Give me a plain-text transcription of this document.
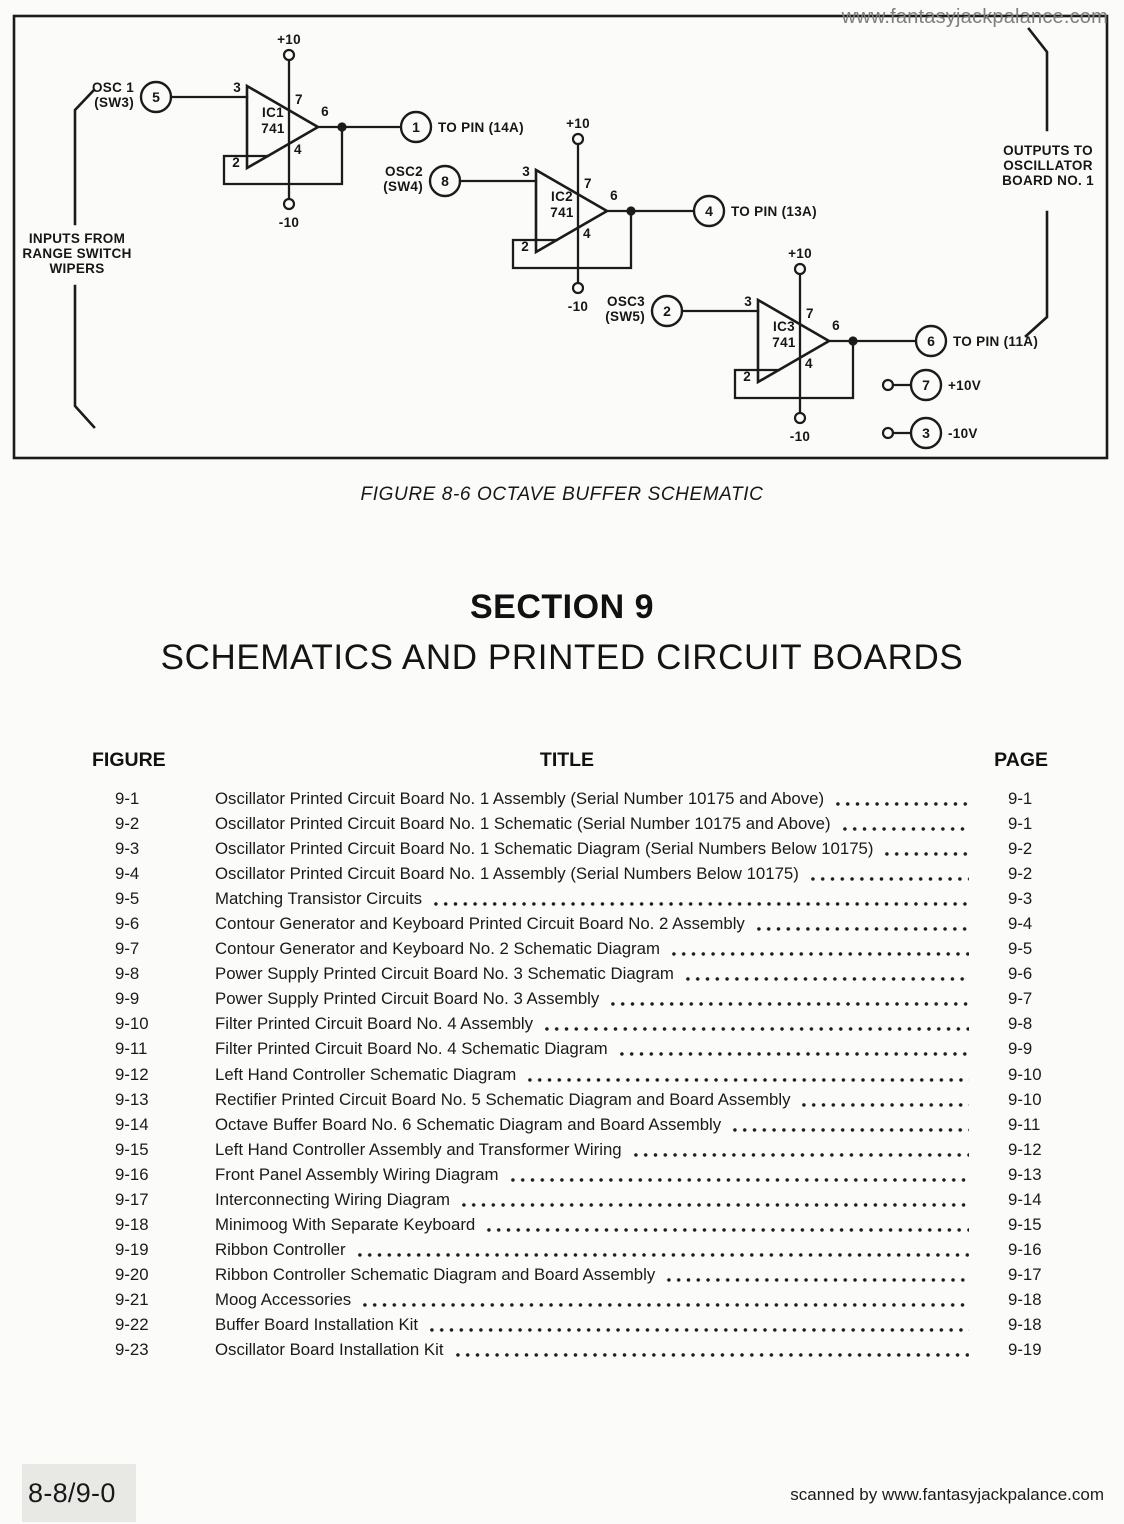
INPUTS FROM
RANGE SWITCH
WIPERS
OUTPUTS TO
OSCILLATOR
BOARD NO. 1
OSC 1
(SW3) 5
3
IC1
741
+10
-10
7
4
6
2
1 TO PIN (14A)
OSC2
(SW4) 8
3
IC2
741
+10
-10
7
4
6
2
4 TO PIN (13A)
OSC3
(SW5) 2
3
IC3
741
+10
-10
7
4
6
2
6 TO PIN (11A)
7 +10V
3 -10V
www.fantasyjackpalance.com
FIGURE 8-6 OCTAVE BUFFER SCHEMATIC
SECTION 9
SCHEMATICS AND PRINTED CIRCUIT BOARDS
FIGURE	TITLE	PAGE
9-1	Oscillator Printed Circuit Board No. 1 Assembly (Serial Number 10175 and Above)	9-1
9-2	Oscillator Printed Circuit Board No. 1 Schematic (Serial Number 10175 and Above)	9-1
9-3	Oscillator Printed Circuit Board No. 1 Schematic Diagram (Serial Numbers Below 10175)	9-2
9-4	Oscillator Printed Circuit Board No. 1 Assembly (Serial Numbers Below 10175)	9-2
9-5	Matching Transistor Circuits	9-3
9-6	Contour Generator and Keyboard Printed Circuit Board No. 2 Assembly	9-4
9-7	Contour Generator and Keyboard No. 2 Schematic Diagram	9-5
9-8	Power Supply Printed Circuit Board No. 3 Schematic Diagram	9-6
9-9	Power Supply Printed Circuit Board No. 3 Assembly	9-7
9-10	Filter Printed Circuit Board No. 4 Assembly	9-8
9-11	Filter Printed Circuit Board No. 4 Schematic Diagram	9-9
9-12	Left Hand Controller Schematic Diagram	9-10
9-13	Rectifier Printed Circuit Board No. 5 Schematic Diagram and Board Assembly	9-10
9-14	Octave Buffer Board No. 6 Schematic Diagram and Board Assembly	9-11
9-15	Left Hand Controller Assembly and Transformer Wiring	9-12
9-16	Front Panel Assembly Wiring Diagram	9-13
9-17	Interconnecting Wiring Diagram	9-14
9-18	Minimoog With Separate Keyboard	9-15
9-19	Ribbon Controller	9-16
9-20	Ribbon Controller Schematic Diagram and Board Assembly	9-17
9-21	Moog Accessories	9-18
9-22	Buffer Board Installation Kit	9-18
9-23	Oscillator Board Installation Kit	9-19
8-8/9-0	scanned by www.fantasyjackpalance.com
